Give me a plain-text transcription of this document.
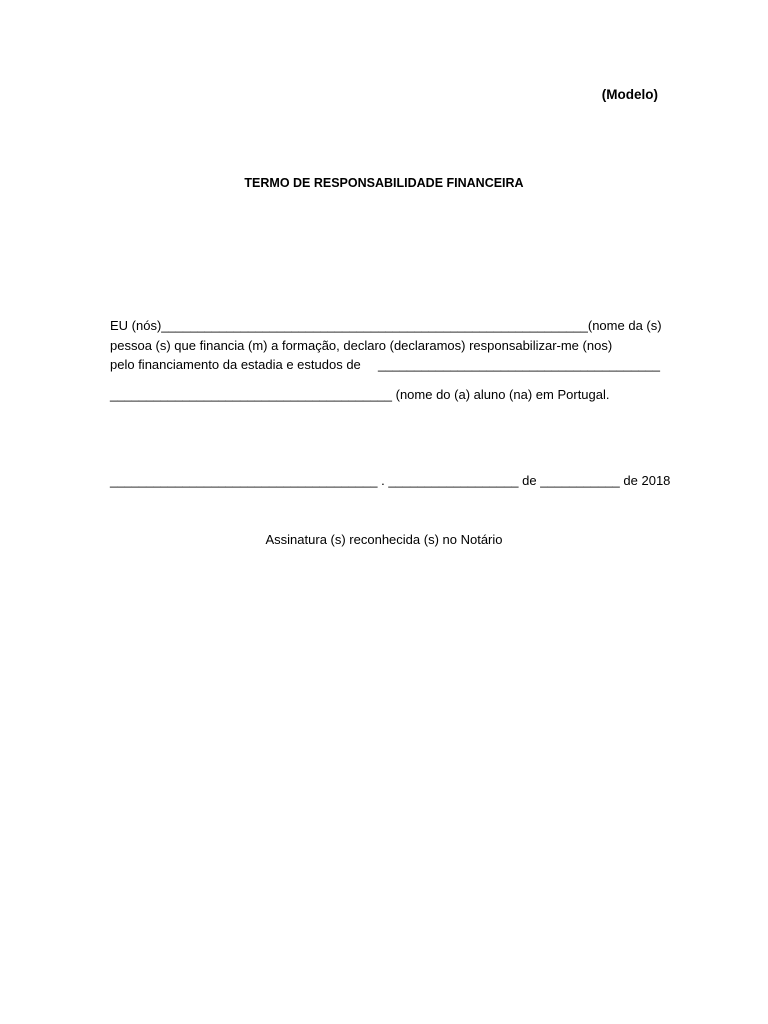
(Modelo)
TERMO DE RESPONSABILIDADE FINANCEIRA
EU (nós) ___________________________________________________________ (nome da (s)
pessoa (s) que financia (m) a formação, declaro (declaramos) responsabilizar-me (nos)
pelo financiamento da estadia e estudos de _______________________________________
_______________________________________ (nome do (a) aluno (na) em Portugal.
_____________________________________ . __________________ de ___________ de 2018
Assinatura (s) reconhecida (s) no Notário
